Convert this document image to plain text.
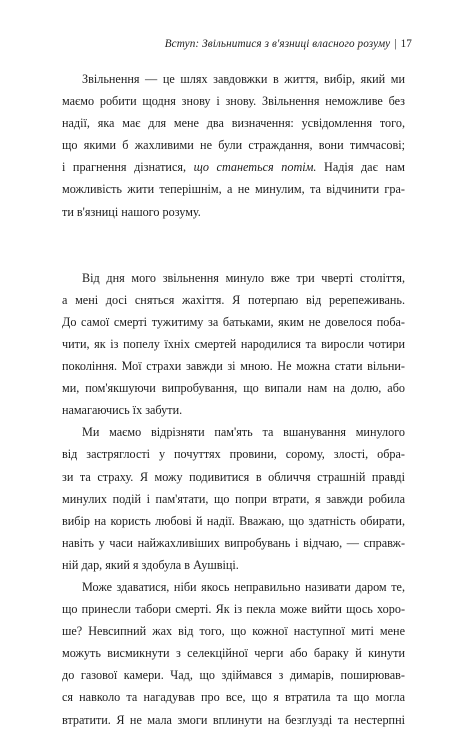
Вступ: Звільнитися з в'язниці власного розуму | 17
Звільнення — це шлях завдовжки в життя, вибір, який ми
маємо робити щодня знову і знову. Звільнення неможливе без
надії, яка має для мене два визначення: усвідомлення того,
що якими б жахливими не були страждання, вони тимчасові;
і прагнення дізнатися, що станеться потім. Надія дає нам
можливість жити теперішнім, а не минулим, та відчинити гра-
ти в'язниці нашого розуму.
Від дня мого звільнення минуло вже три чверті століття,
а мені досі сняться жахіття. Я потерпаю від ререпеживань.
До самої смерті тужитиму за батьками, яким не довелося поба-
чити, як із попелу їхніх смертей народилися та виросли чотири
покоління. Мої страхи завжди зі мною. Не можна стати вільни-
ми, пом'якшуючи випробування, що випали нам на долю, або
намагаючись їх забути.
Ми маємо відрізняти пам'ять та вшанування минулого
від застряглості у почуттях провини, сорому, злості, обра-
зи та страху. Я можу подивитися в обличчя страшній правді
минулих подій і пам'ятати, що попри втрати, я завжди робила
вибір на користь любові й надії. Вважаю, що здатність обирати,
навіть у часи найжахливіших випробувань і відчаю, — справж-
ній дар, який я здобула в Аушвіці.
Може здаватися, ніби якось неправильно називати даром те,
що принесли табори смерті. Як із пекла може вийти щось хоро-
ше? Невсипний жах від того, що кожної наступної миті мене
можуть висмикнути з селекційної черги або бараку й кинути
до газової камери. Чад, що здіймався з димарів, поширював-
ся навколо та нагадував про все, що я втратила та що могла
втратити. Я не мала змоги вплинути на безглузді та нестерпні
